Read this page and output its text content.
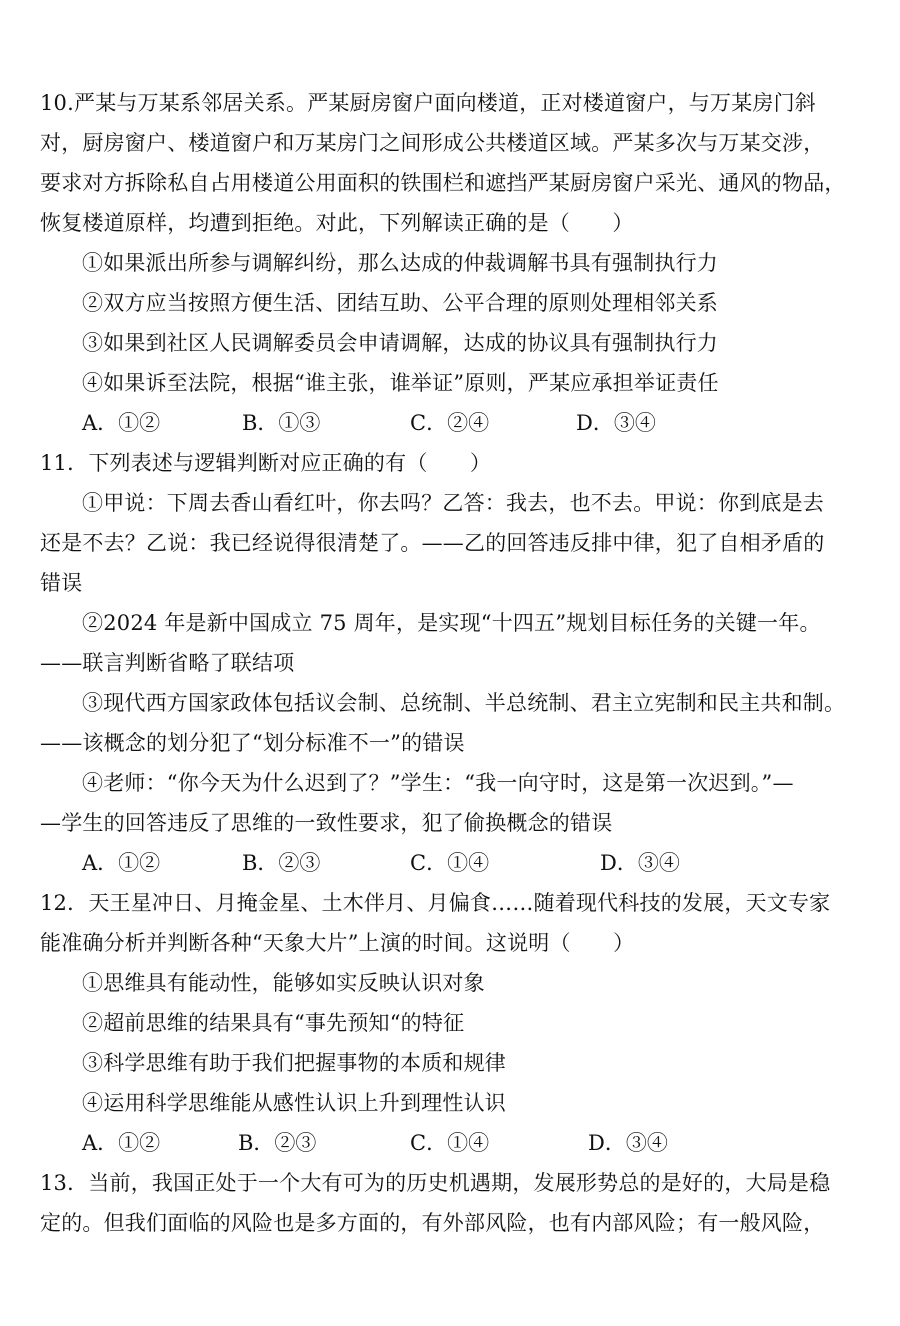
10.严某与万某系邻居关系。严某厨房窗户面向楼道，正对楼道窗户，与万某房门斜
对，厨房窗户、楼道窗户和万某房门之间形成公共楼道区域。严某多次与万某交涉，
要求对方拆除私自占用楼道公用面积的铁围栏和遮挡严某厨房窗户采光、通风的物品，
恢复楼道原样，均遭到拒绝。对此，下列解读正确的是（　　）
①如果派出所参与调解纠纷，那么达成的仲裁调解书具有强制执行力
②双方应当按照方便生活、团结互助、公平合理的原则处理相邻关系
③如果到社区人民调解委员会申请调解，达成的协议具有强制执行力
④如果诉至法院，根据“谁主张，谁举证”原则，严某应承担举证责任
A．①②	B．①③	C．②④	D．③④
11．下列表述与逻辑判断对应正确的有（　　）
①甲说：下周去香山看红叶，你去吗？乙答：我去，也不去。甲说：你到底是去
还是不去？乙说：我已经说得很清楚了。——乙的回答违反排中律，犯了自相矛盾的
错误
②2024 年是新中国成立 75 周年，是实现“十四五”规划目标任务的关键一年。
——联言判断省略了联结项
③现代西方国家政体包括议会制、总统制、半总统制、君主立宪制和民主共和制。
——该概念的划分犯了“划分标准不一”的错误
④老师：“你今天为什么迟到了？”学生：“我一向守时，这是第一次迟到。”—
—学生的回答违反了思维的一致性要求，犯了偷换概念的错误
A．①②	B．②③	C．①④	D．③④
12．天王星冲日、月掩金星、土木伴月、月偏食……随着现代科技的发展，天文专家
能准确分析并判断各种“天象大片”上演的时间。这说明（　　）
①思维具有能动性，能够如实反映认识对象
②超前思维的结果具有“事先预知“的特征
③科学思维有助于我们把握事物的本质和规律
④运用科学思维能从感性认识上升到理性认识
A．①②	B．②③	C．①④	D．③④
13．当前，我国正处于一个大有可为的历史机遇期，发展形势总的是好的，大局是稳
定的。但我们面临的风险也是多方面的，有外部风险，也有内部风险；有一般风险，
